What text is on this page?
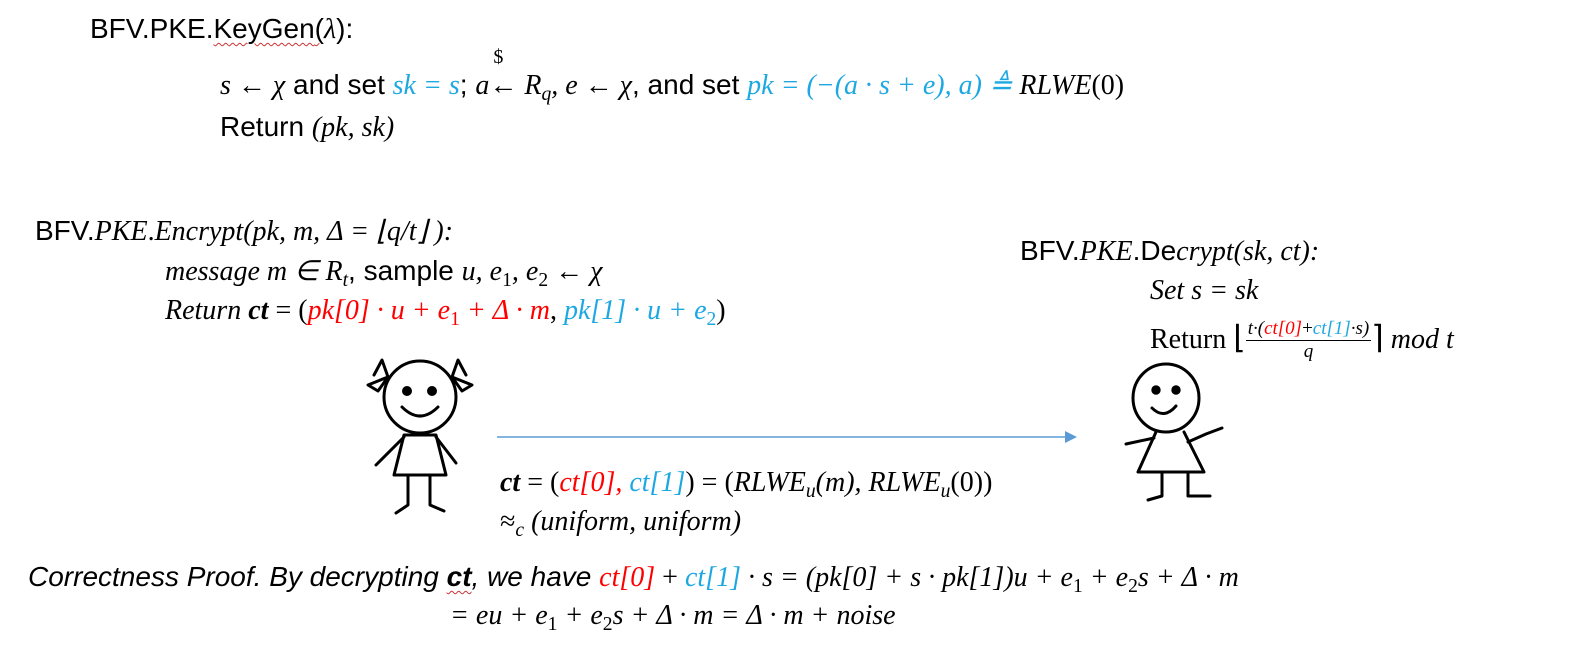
BFV.PKE.KeyGen(λ):
s ← χ and set sk = s; a
$
← $R_q$, e ← χ, and set pk = (−(a · s + e), a) ≜ RLWE(0)
Return (pk, sk)
BFV.PKE.Encrypt(pk, m, Δ = ⌊q/t⌋ ):
message m ∈ $R_t$, sample u, $e_1$, $e_2$ ← χ
Return ct = ($pk[0] \cdot u + e_1 + \Delta \cdot m$, $pk[1] \cdot u + e_2$)
BFV.PKE.Decrypt(sk, ct):
Set s = sk
Return ⌊ $\frac{t\cdot(ct[0]+ct[1]\cdot s)}{q}$ ⌉ mod t
ct = (ct[0], $ct[1]) = (RLWE_u(m)$, $RLWE_u(0)$)
$\approx_c$ (uniform, uniform)
Correctness Proof. By decrypting ct, we have $ct[0] + ct[1] \cdot s = (pk[0] + s \cdot pk[1])u + e_1 + e_2s + \Delta \cdot m$
= eu + $e_1 + e_2s + \Delta \cdot m = \Delta \cdot m$ + noise
